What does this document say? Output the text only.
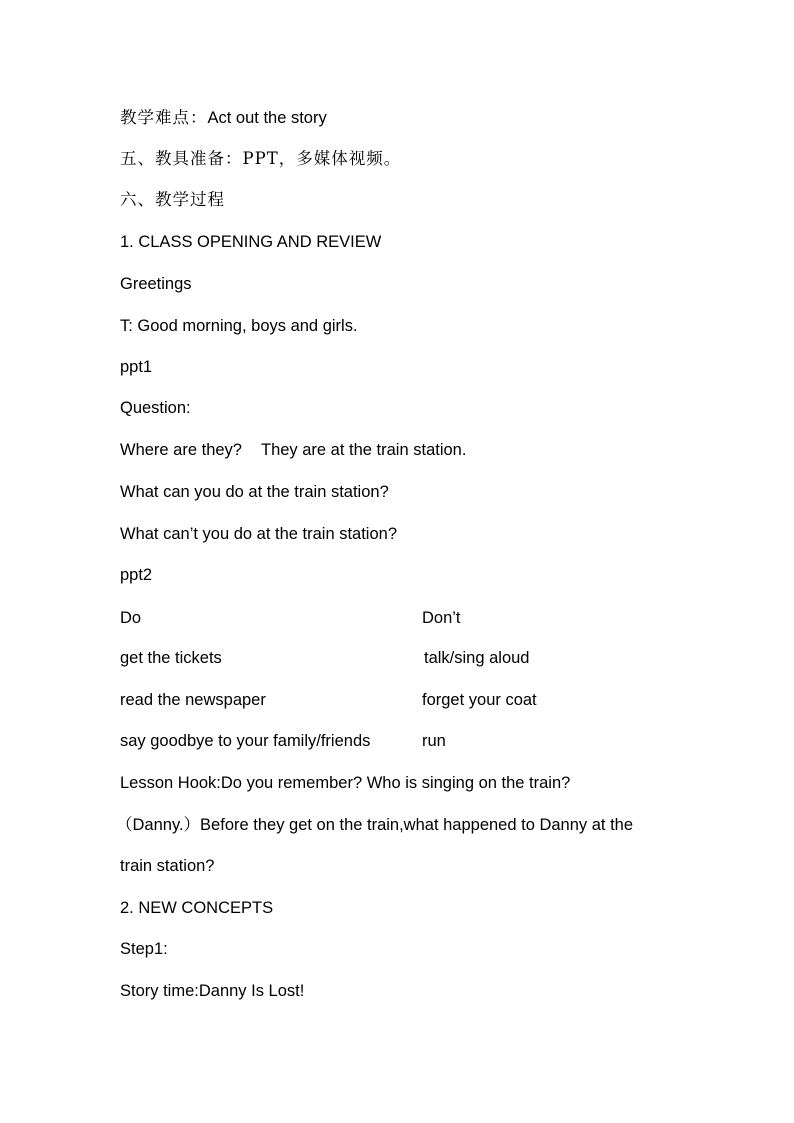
教学难点：Act out the story
五、教具准备：PPT，多媒体视频。
六、教学过程
1. CLASS OPENING AND REVIEW
Greetings
T: Good morning, boys and girls.
ppt1
Question:
Where are they? They are at the train station.
What can you do at the train station?
What can’t you do at the train station?
ppt2
Do	Don’t
get the tickets	talk/sing aloud
read the newspaper	forget your coat
say goodbye to your family/friends	run
Lesson Hook:Do you remember? Who is singing on the train?
（Danny.）Before they get on the train,what happened to Danny at the
train station?
2. NEW CONCEPTS
Step1:
Story time:Danny Is Lost!
